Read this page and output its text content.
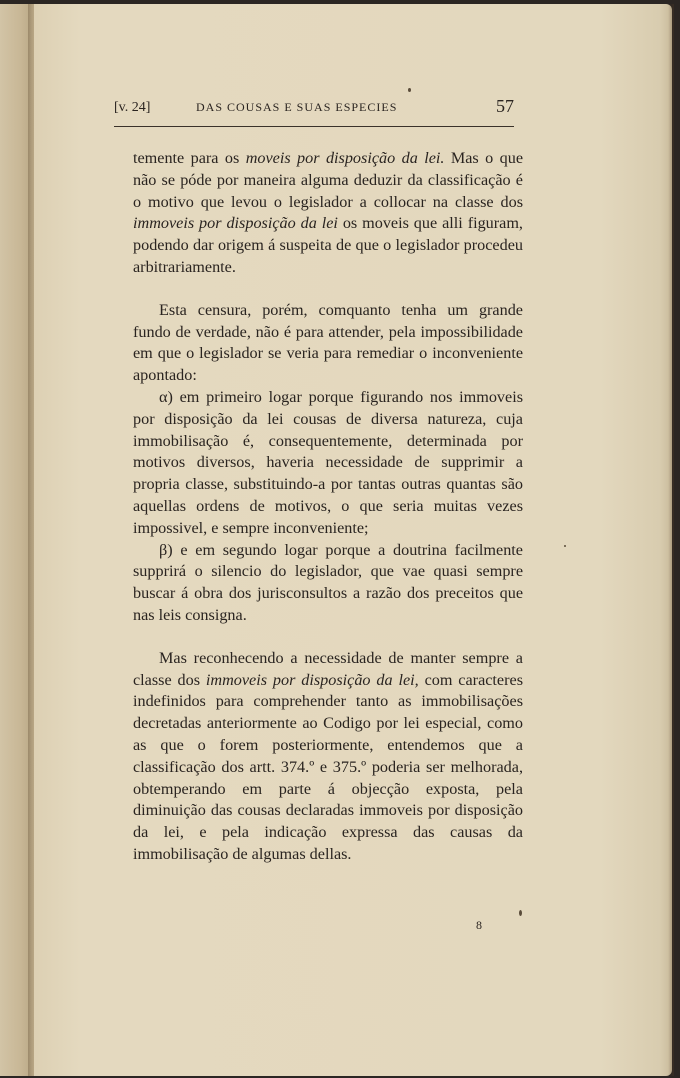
[v. 24]	DAS COUSAS E SUAS ESPECIES	57

temente para os moveis por disposição da lei. Mas o que não se póde por maneira alguma deduzir da classificação é o motivo que levou o legislador a collocar na classe dos immoveis por disposição da lei os moveis que alli figuram, podendo dar origem á suspeita de que o legislador procedeu arbitrariamente.

Esta censura, porém, comquanto tenha um grande fundo de verdade, não é para attender, pela impossibilidade em que o legislador se veria para remediar o inconveniente apontado:

α) em primeiro logar porque figurando nos immoveis por disposição da lei cousas de diversa natureza, cuja immobilisação é, consequentemente, determinada por motivos diversos, haveria necessidade de supprimir a propria classe, substituindo-a por tantas outras quantas são aquellas ordens de motivos, o que seria muitas vezes impossivel, e sempre inconveniente;

β) e em segundo logar porque a doutrina facilmente supprirá o silencio do legislador, que vae quasi sempre buscar á obra dos jurisconsultos a razão dos preceitos que nas leis consigna.

Mas reconhecendo a necessidade de manter sempre a classe dos immoveis por disposição da lei, com caracteres indefinidos para comprehender tanto as immobilisações decretadas anteriormente ao Codigo por lei especial, como as que o forem posteriormente, entendemos que a classificação dos artt. 374.º e 375.º poderia ser melhorada, obtemperando em parte á objecção exposta, pela diminuição das cousas declaradas immoveis por disposição da lei, e pela indicação expressa das causas da immobilisação de algumas dellas.

8
